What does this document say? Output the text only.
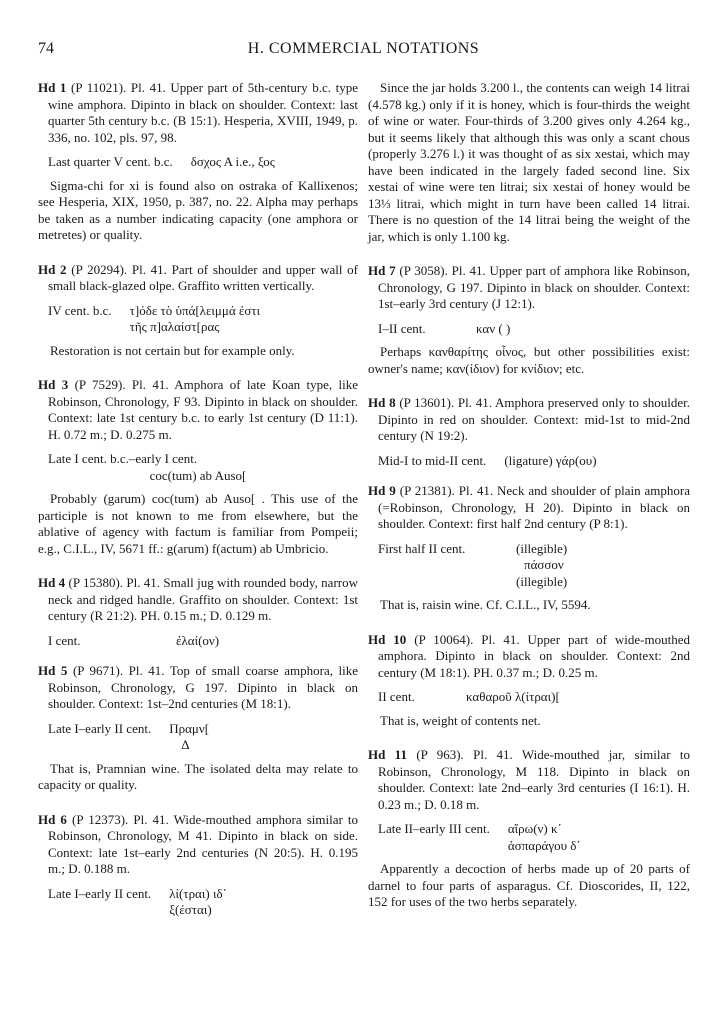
74	H. COMMERCIAL NOTATIONS

Hd 1 (P 11021). Pl. 41. Upper part of 5th-century b.c. type wine amphora. Dipinto in black on shoulder. Context: last quarter 5th century b.c. (B 15:1). Hesperia, XVIII, 1949, p. 336, no. 102, pls. 97, 98.

Last quarter V cent. b.c. δσχος Α i.e., ξος

Sigma-chi for xi is found also on ostraka of Kallixenos; see Hesperia, XIX, 1950, p. 387, no. 22. Alpha may perhaps be taken as a number indicating capacity (one amphora or metretes) or quality.

Hd 2 (P 20294). Pl. 41. Part of shoulder and upper wall of small black-glazed olpe. Graffito written vertically.

IV cent. b.c. τ]όδε τὸ ὑπά[λειμμά ἐστι
τῆς π]αλαίστ[ρας

Restoration is not certain but for example only.

Hd 3 (P 7529). Pl. 41. Amphora of late Koan type, like Robinson, Chronology, F 93. Dipinto in black on shoulder. Context: late 1st century b.c. to early 1st century (D 11:1). H. 0.72 m.; D. 0.275 m.

Late I cent. b.c.–early I cent.

coc(tum) ab Auso[

Probably (garum) coc(tum) ab Auso[ . This use of the participle is not known to me from elsewhere, but the ablative of agency with factum is familiar from Pompeii; e.g., C.I.L., IV, 5671 ff.: g(arum) f(actum) ab Umbricio.

Hd 4 (P 15380). Pl. 41. Small jug with rounded body, narrow neck and ridged handle. Graffito on shoulder. Context: 1st century (R 21:2). PH. 0.15 m.; D. 0.129 m.

I cent.	ἐλαί(ον)

Hd 5 (P 9671). Pl. 41. Top of small coarse amphora, like Robinson, Chronology, G 197. Dipinto in black on shoulder. Context: 1st–2nd centuries (M 18:1).

Late I–early II cent. Πραμν[
Δ

That is, Pramnian wine. The isolated delta may relate to capacity or quality.

Hd 6 (P 12373). Pl. 41. Wide-mouthed amphora similar to Robinson, Chronology, M 41. Dipinto in black on side. Context: late 1st–early 2nd centuries (N 20:5). H. 0.195 m.; D. 0.188 m.

Late I–early II cent. λί(τραι) ιδ΄
ξ(έσται)

Since the jar holds 3.200 l., the contents can weigh 14 litrai (4.578 kg.) only if it is honey, which is four-thirds the weight of wine or water. Four-thirds of 3.200 gives only 4.264 kg., but it seems likely that although this was only a scant chous (properly 3.276 l.) it was thought of as six xestai, which may have been indicated in the largely faded second line. Six xestai of wine were ten litrai; six xestai of honey would be 13⅓ litrai, which might in turn have been called 14 litrai. There is no question of the 14 litrai being the weight of the jar, which is only 1.100 kg.

Hd 7 (P 3058). Pl. 41. Upper part of amphora like Robinson, Chronology, G 197. Dipinto in black on shoulder. Context: 1st–early 3rd century (J 12:1).

I–II cent.	καν ( )

Perhaps κανθαρίτης οἶνος, but other possibilities exist: owner's name; καν(ίδιον) for κνίδιον; etc.

Hd 8 (P 13601). Pl. 41. Amphora preserved only to shoulder. Dipinto in red on shoulder. Context: mid-1st to mid-2nd century (N 19:2).

Mid-I to mid-II cent. (ligature) γάρ(ου)

Hd 9 (P 21381). Pl. 41. Neck and shoulder of plain amphora (=Robinson, Chronology, H 20). Dipinto in black on shoulder. Context: first half 2nd century (P 8:1).

First half II cent.	(illegible)
πάσσον
(illegible)

That is, raisin wine. Cf. C.I.L., IV, 5594.

Hd 10 (P 10064). Pl. 41. Upper part of wide-mouthed amphora. Dipinto in black on shoulder. Context: 2nd century (M 18:1). PH. 0.37 m.; D. 0.25 m.

II cent.	καθαροῦ λ(ίτραι)[

That is, weight of contents net.

Hd 11 (P 963). Pl. 41. Wide-mouthed jar, similar to Robinson, Chronology, M 118. Dipinto in black on shoulder. Context: late 2nd–early 3rd centuries (I 16:1). H. 0.23 m.; D. 0.18 m.

Late II–early III cent. αἴρω(ν) κ΄
ἀσπαράγου δ΄

Apparently a decoction of herbs made up of 20 parts of darnel to four parts of asparagus. Cf. Dioscorides, II, 122, 152 for uses of the two herbs separately.
